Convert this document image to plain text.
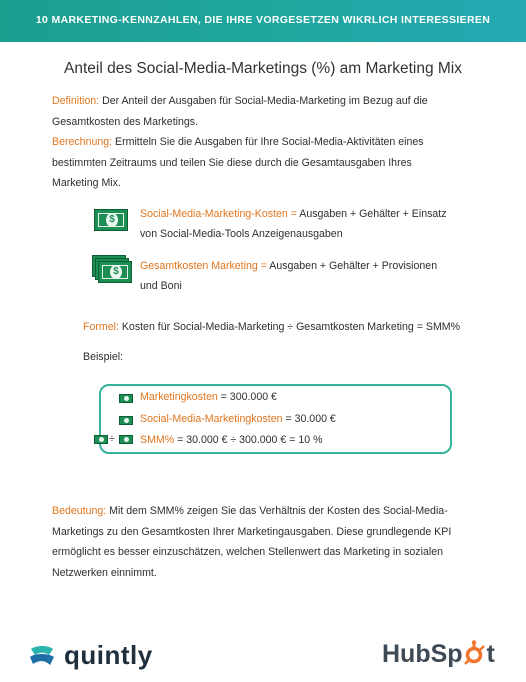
10 MARKETING-KENNZAHLEN, DIE IHRE VORGESETZEN WIKRLICH INTERESSIEREN
Anteil des Social-Media-Marketings (%) am Marketing Mix
Definition: Der Anteil der Ausgaben für Social-Media-Marketing im Bezug auf die
Gesamtkosten des Marketings.
Berechnung: Ermitteln Sie die Ausgaben für Ihre Social-Media-Aktivitäten eines
bestimmten Zeitraums und teilen Sie diese durch die Gesamtausgaben Ihres
Marketing Mix.
$	Social-Media-Marketing-Kosten = Ausgaben + Gehälter + Einsatz
von Social-Media-Tools Anzeigenausgaben
$	Gesamtkosten Marketing = Ausgaben + Gehälter + Provisionen
und Boni
Formel: Kosten für Social-Media-Marketing ÷ Gesamtkosten Marketing = SMM%
Beispiel:
Marketingkosten = 300.000 €
Social-Media-Marketingkosten = 30.000 €
÷ SMM% = 30.000 € ÷ 300.000 € = 10 %
Bedeutung: Mit dem SMM% zeigen Sie das Verhältnis der Kosten des Social-Media-
Marketings zu den Gesamtkosten Ihrer Marketingausgaben. Diese grundlegende KPI
ermöglicht es besser einzuschätzen, welchen Stellenwert das Marketing in sozialen
Netzwerken einnimmt.
quintly	HubSp t
